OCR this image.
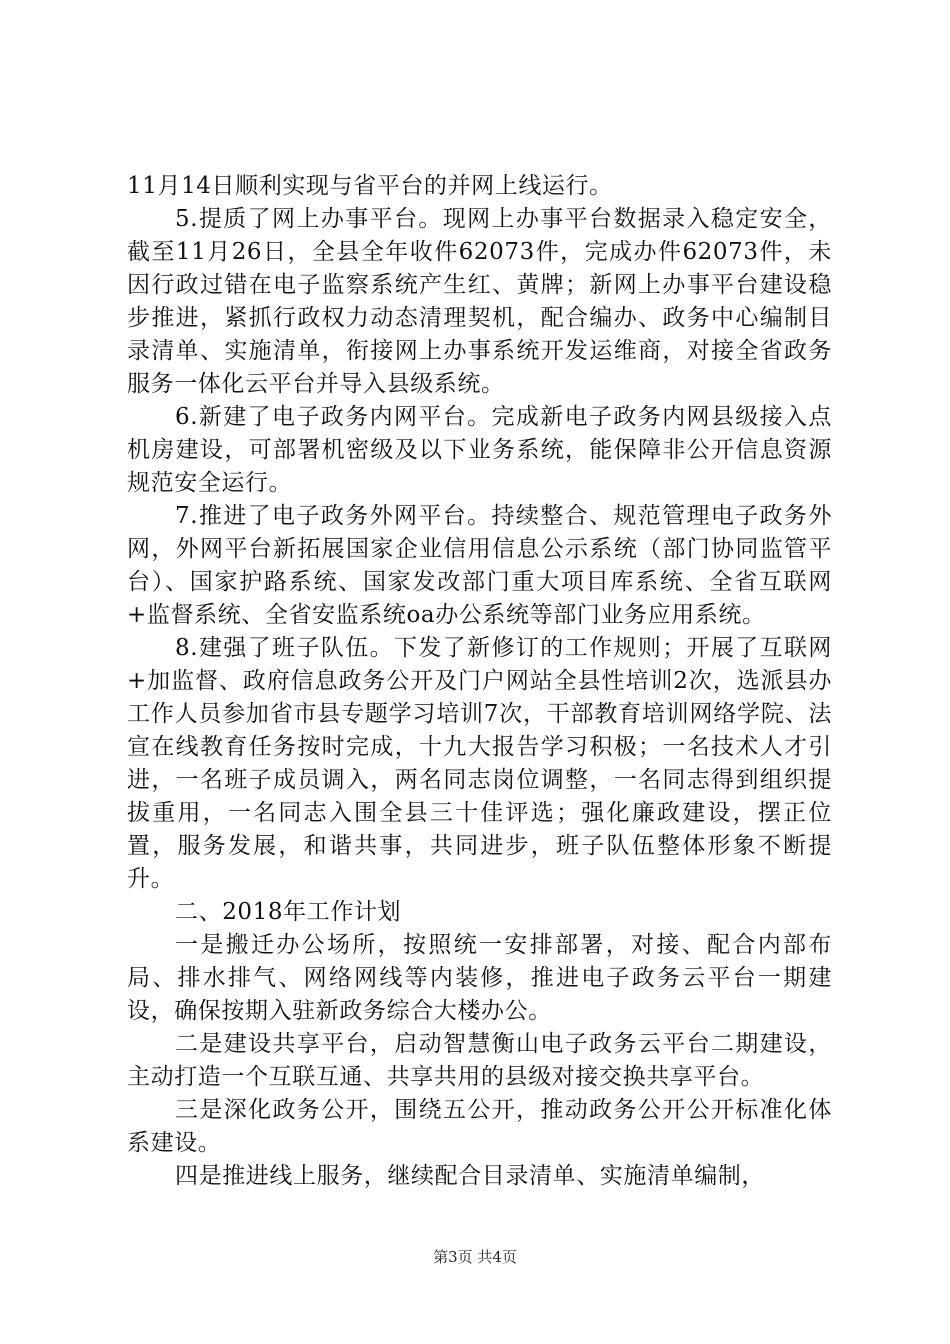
11月14日顺利实现与省平台的并网上线运行。

5.提质了网上办事平台。现网上办事平台数据录入稳定安全，截至11月26日，全县全年收件62073件，完成办件62073件，未因行政过错在电子监察系统产生红、黄牌；新网上办事平台建设稳步推进，紧抓行政权力动态清理契机，配合编办、政务中心编制目录清单、实施清单，衔接网上办事系统开发运维商，对接全省政务服务一体化云平台并导入县级系统。

6.新建了电子政务内网平台。完成新电子政务内网县级接入点机房建设，可部署机密级及以下业务系统，能保障非公开信息资源规范安全运行。

7.推进了电子政务外网平台。持续整合、规范管理电子政务外网，外网平台新拓展国家企业信用信息公示系统（部门协同监管平台）、国家护路系统、国家发改部门重大项目库系统、全省互联网+监督系统、全省安监系统oa办公系统等部门业务应用系统。

8.建强了班子队伍。下发了新修订的工作规则；开展了互联网+加监督、政府信息政务公开及门户网站全县性培训2次，选派县办工作人员参加省市县专题学习培训7次，干部教育培训网络学院、法宣在线教育任务按时完成，十九大报告学习积极；一名技术人才引进，一名班子成员调入，两名同志岗位调整，一名同志得到组织提拔重用，一名同志入围全县三十佳评选；强化廉政建设，摆正位置，服务发展，和谐共事，共同进步，班子队伍整体形象不断提升。

二、2018年工作计划

一是搬迁办公场所，按照统一安排部署，对接、配合内部布局、排水排气、网络网线等内装修，推进电子政务云平台一期建设，确保按期入驻新政务综合大楼办公。

二是建设共享平台，启动智慧衡山电子政务云平台二期建设，主动打造一个互联互通、共享共用的县级对接交换共享平台。

三是深化政务公开，围绕五公开，推动政务公开公开标准化体系建设。

四是推进线上服务，继续配合目录清单、实施清单编制，

第3页 共4页
